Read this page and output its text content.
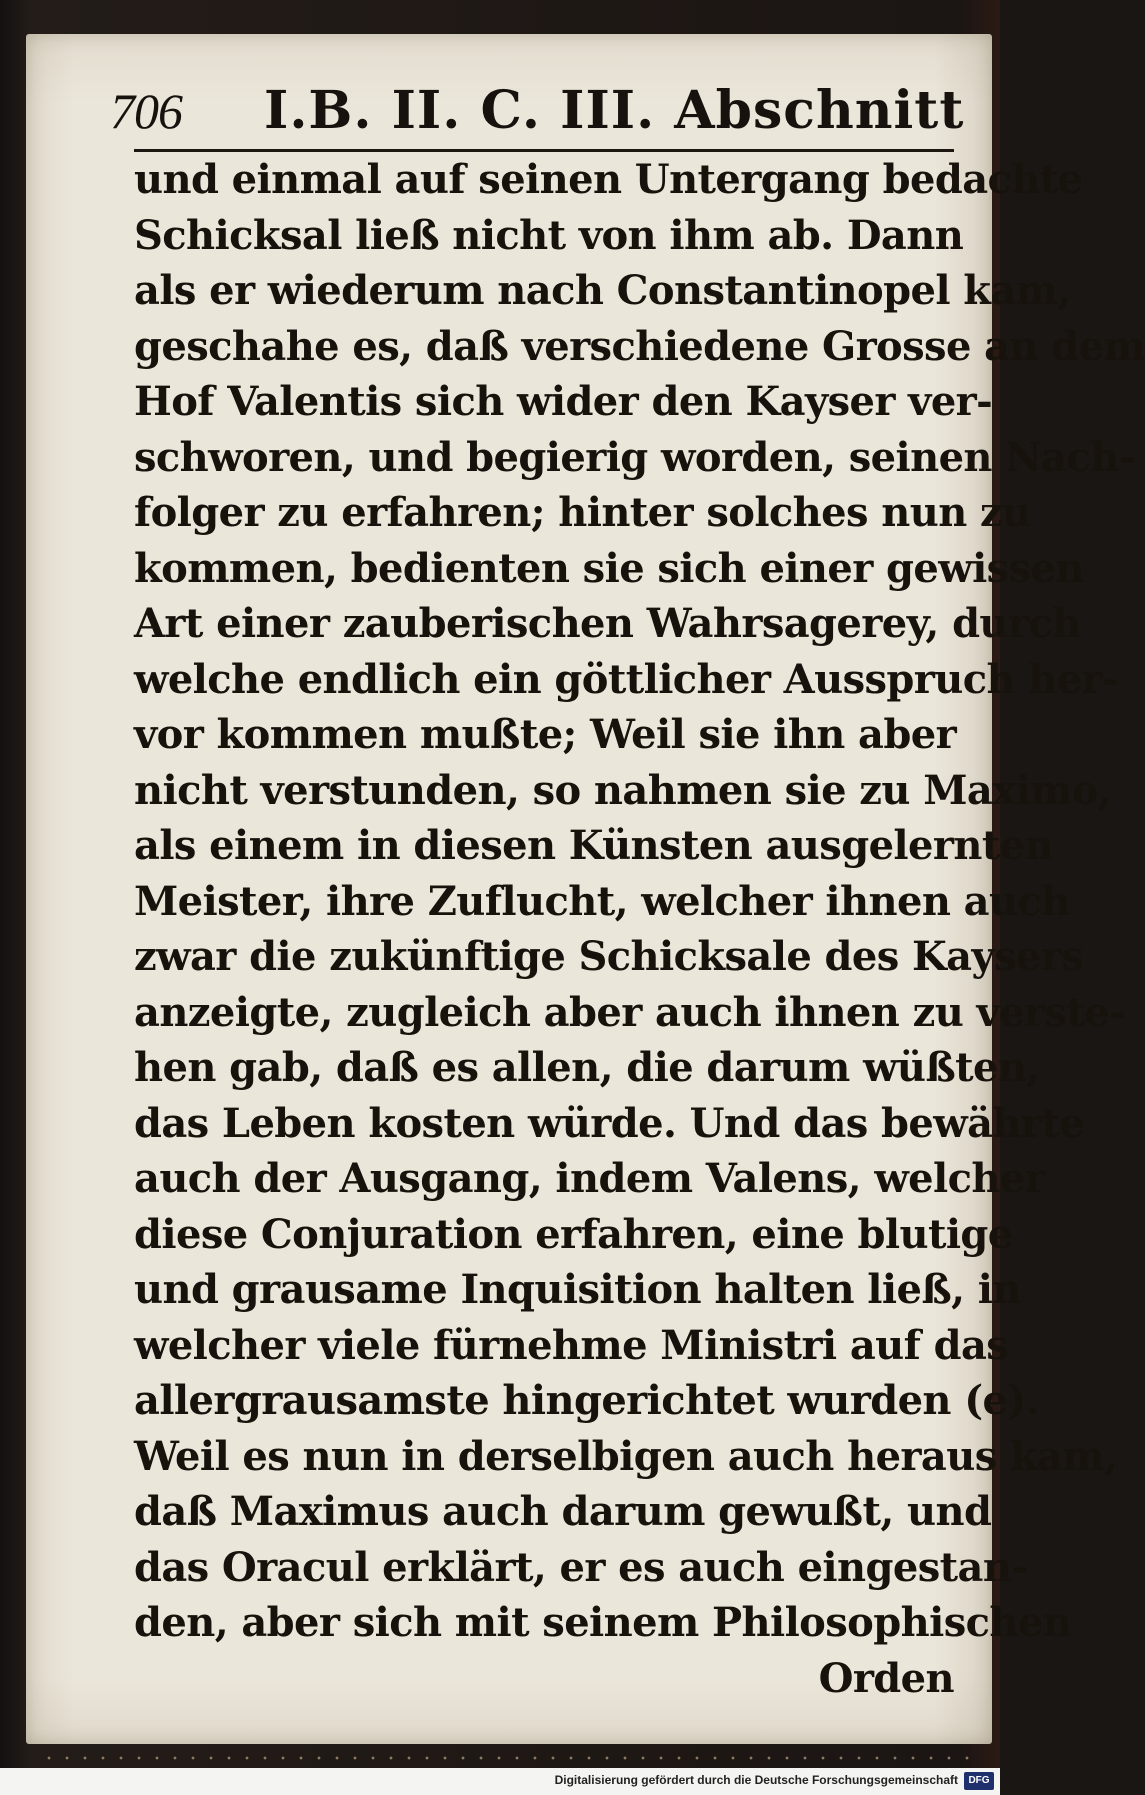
706 I.B. II. C. III. Abschnitt
und einmal auf seinen Untergang bedachte
Schicksal ließ nicht von ihm ab. Dann
als er wiederum nach Constantinopel kam,
geschahe es, daß verschiedene Grosse an dem
Hof Valentis sich wider den Kayser ver-
schworen, und begierig worden, seinen Nach-
folger zu erfahren; hinter solches nun zu
kommen, bedienten sie sich einer gewissen
Art einer zauberischen Wahrsagerey, durch
welche endlich ein göttlicher Ausspruch her-
vor kommen mußte; Weil sie ihn aber
nicht verstunden, so nahmen sie zu Maximo,
als einem in diesen Künsten ausgelernten
Meister, ihre Zuflucht, welcher ihnen auch
zwar die zukünftige Schicksale des Kaysers
anzeigte, zugleich aber auch ihnen zu verste-
hen gab, daß es allen, die darum wüßten,
das Leben kosten würde. Und das bewährte
auch der Ausgang, indem Valens, welcher
diese Conjuration erfahren, eine blutige
und grausame Inquisition halten ließ, in
welcher viele fürnehme Ministri auf das
allergrausamste hingerichtet wurden (e).
Weil es nun in derselbigen auch heraus kam,
daß Maximus auch darum gewußt, und
das Oracul erklärt, er es auch eingestan-
den, aber sich mit seinem Philosophischen
Orden
Digitalisierung gefördert durch die Deutsche Forschungsgemeinschaft	DFG
